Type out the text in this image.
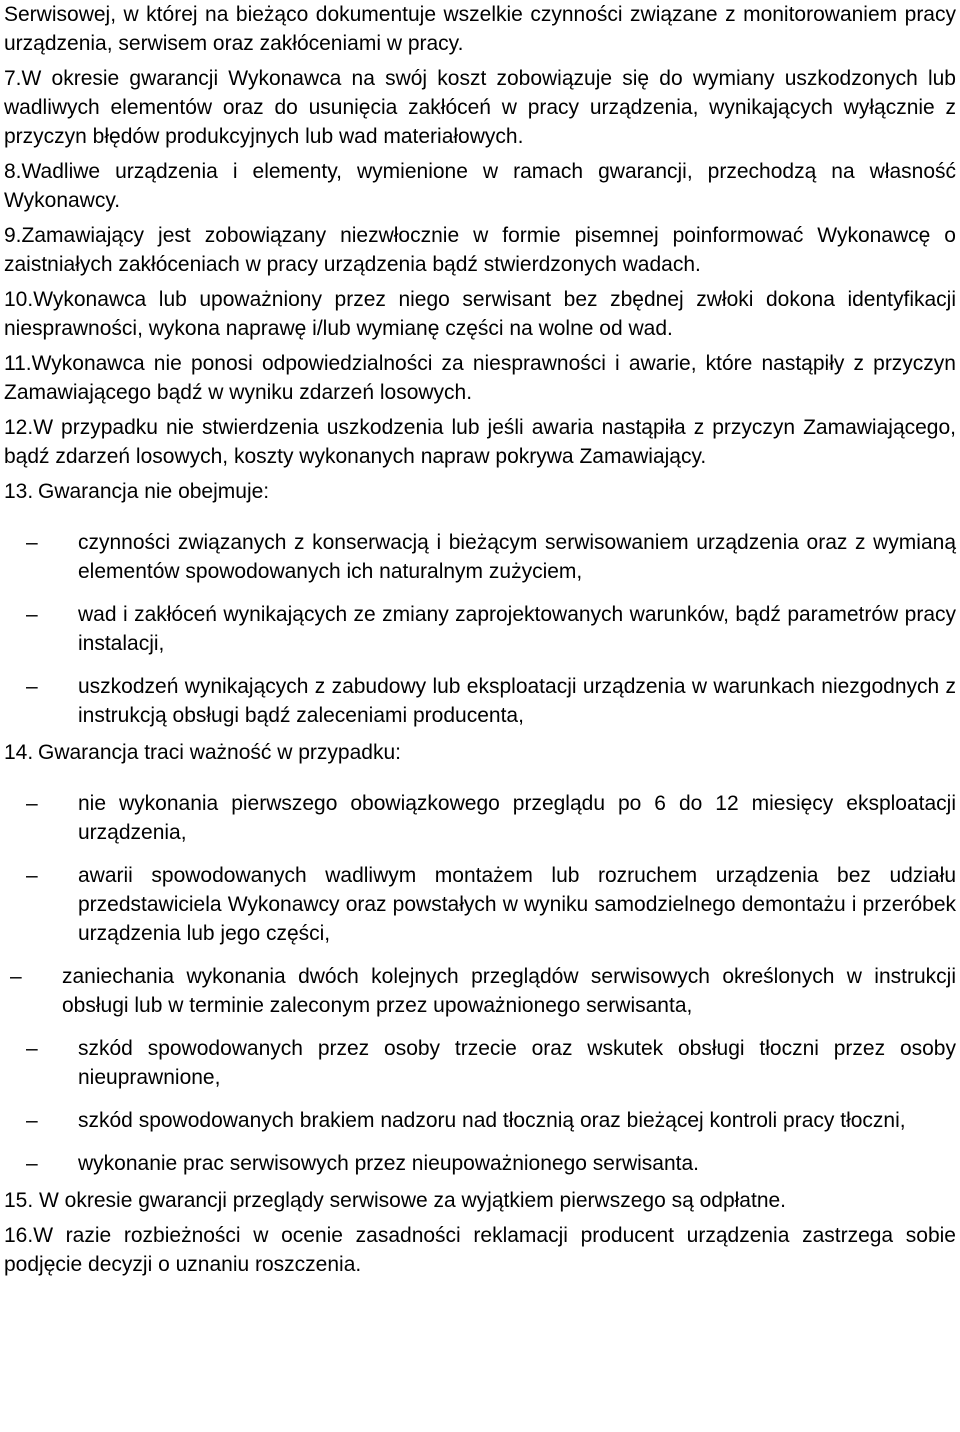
Serwisowej, w której na bieżąco dokumentuje wszelkie czynności związane z monitorowaniem pracy urządzenia, serwisem oraz zakłóceniami w pracy.

7.W okresie gwarancji Wykonawca na swój koszt zobowiązuje się do wymiany uszkodzonych lub wadliwych elementów oraz do usunięcia zakłóceń w pracy urządzenia, wynikających wyłącznie z przyczyn błędów produkcyjnych lub wad materiałowych.

8.Wadliwe urządzenia i elementy, wymienione w ramach gwarancji, przechodzą na własność Wykonawcy.

9.Zamawiający jest zobowiązany niezwłocznie w formie pisemnej poinformować Wykonawcę o zaistniałych zakłóceniach w pracy urządzenia bądź stwierdzonych wadach.

10.Wykonawca lub upoważniony przez niego serwisant bez zbędnej zwłoki dokona identyfikacji niesprawności, wykona naprawę i/lub wymianę części na wolne od wad.

11.Wykonawca nie ponosi odpowiedzialności za niesprawności i awarie, które nastąpiły z przyczyn Zamawiającego bądź w wyniku zdarzeń losowych.

12.W przypadku nie stwierdzenia uszkodzenia lub jeśli awaria nastąpiła z przyczyn Zamawiającego, bądź zdarzeń losowych, koszty wykonanych napraw pokrywa Zamawiający.

13. Gwarancja nie obejmuje:

– czynności związanych z konserwacją i bieżącym serwisowaniem urządzenia oraz z wymianą elementów spowodowanych ich naturalnym zużyciem,
– wad i zakłóceń wynikających ze zmiany zaprojektowanych warunków, bądź parametrów pracy instalacji,
– uszkodzeń wynikających z zabudowy lub eksploatacji urządzenia w warunkach niezgodnych z instrukcją obsługi bądź zaleceniami producenta,

14. Gwarancja traci ważność w przypadku:

– nie wykonania pierwszego obowiązkowego przeglądu po 6 do 12 miesięcy eksploatacji urządzenia,
– awarii spowodowanych wadliwym montażem lub rozruchem urządzenia bez udziału przedstawiciela Wykonawcy oraz powstałych w wyniku samodzielnego demontażu i przeróbek urządzenia lub jego części,
– zaniechania wykonania dwóch kolejnych przeglądów serwisowych określonych w instrukcji obsługi lub w terminie zaleconym przez upoważnionego serwisanta,
– szkód spowodowanych przez osoby trzecie oraz wskutek obsługi tłoczni przez osoby nieuprawnione,
– szkód spowodowanych brakiem nadzoru nad tłocznią oraz bieżącej kontroli pracy tłoczni,
– wykonanie prac serwisowych przez nieupoważnionego serwisanta.

15. W okresie gwarancji przeglądy serwisowe za wyjątkiem pierwszego są odpłatne.

16.W razie rozbieżności w ocenie zasadności reklamacji producent urządzenia zastrzega sobie podjęcie decyzji o uznaniu roszczenia.
